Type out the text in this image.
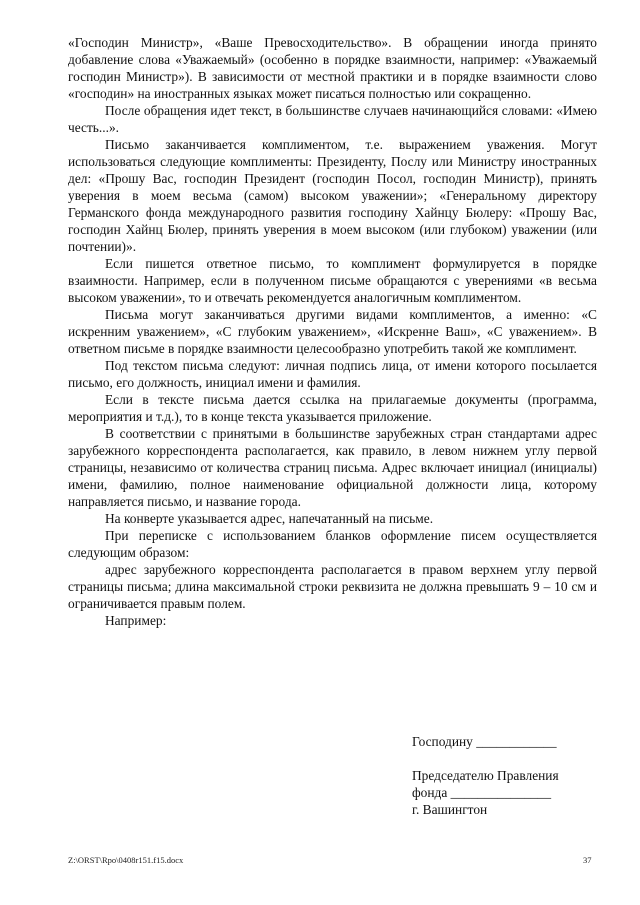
«Господин Министр», «Ваше Превосходительство». В обращении иногда принято добавление слова «Уважаемый» (особенно в порядке взаимности, например: «Уважаемый господин Министр»). В зависимости от местной практики и в порядке взаимности слово «господин» на иностранных языках может писаться полностью или сокращенно.

После обращения идет текст, в большинстве случаев начинающийся словами: «Имею честь...».

Письмо заканчивается комплиментом, т.е. выражением уважения. Могут использоваться следующие комплименты: Президенту, Послу или Министру иностранных дел: «Прошу Вас, господин Президент (господин Посол, господин Министр), принять уверения в моем весьма (самом) высоком уважении»; «Генеральному директору Германского фонда международного развития господину Хайнцу Бюлеру: «Прошу Вас, господин Хайнц Бюлер, принять уверения в моем высоком (или глубоком) уважении (или почтении)».

Если пишется ответное письмо, то комплимент формулируется в порядке взаимности. Например, если в полученном письме обращаются с уверениями «в весьма высоком уважении», то и отвечать рекомендуется аналогичным комплиментом.

Письма могут заканчиваться другими видами комплиментов, а именно: «С искренним уважением», «С глубоким уважением», «Искренне Ваш», «С уважением». В ответном письме в порядке взаимности целесообразно употребить такой же комплимент.

Под текстом письма следуют: личная подпись лица, от имени которого посылается письмо, его должность, инициал имени и фамилия.

Если в тексте письма дается ссылка на прилагаемые документы (программа, мероприятия и т.д.), то в конце текста указывается приложение.

В соответствии с принятыми в большинстве зарубежных стран стандартами адрес зарубежного корреспондента располагается, как правило, в левом нижнем углу первой страницы, независимо от количества страниц письма. Адрес включает инициал (инициалы) имени, фамилию, полное наименование официальной должности лица, которому направляется письмо, и название города.

На конверте указывается адрес, напечатанный на письме.

При переписке с использованием бланков оформление писем осуществляется следующим образом:

адрес зарубежного корреспондента располагается в правом верхнем углу первой страницы письма; длина максимальной строки реквизита не должна превышать 9 – 10 см и ограничивается правым полем.

Например:

Господину ____________
Председателю Правления
фонда _______________
г. Вашингтон
Z:\ORST\Rpo\0408r151.f15.docx	37
